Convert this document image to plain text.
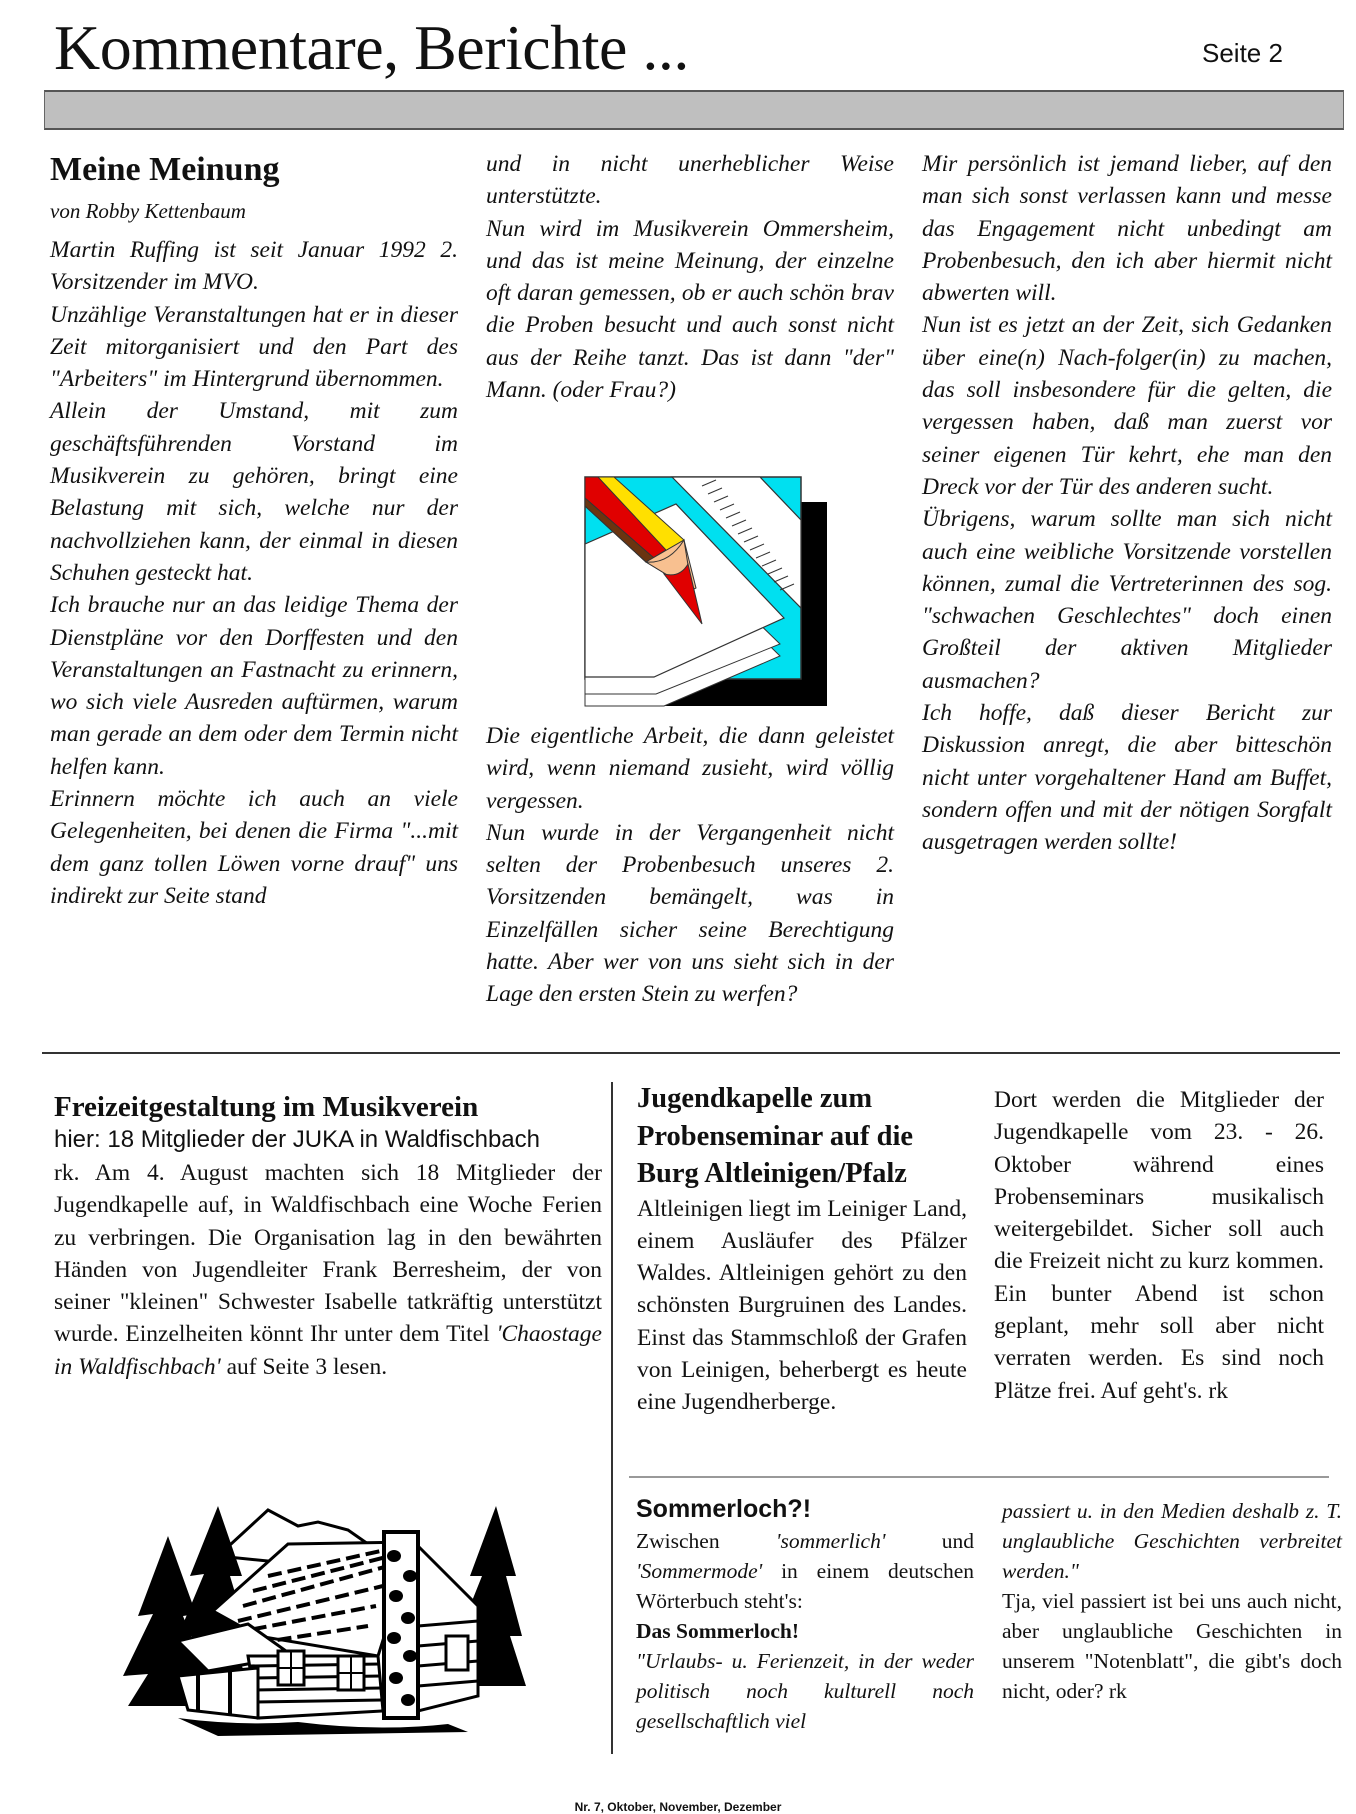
Kommentare, Berichte ...	Seite 2
Meine Meinung

von Robby Kettenbaum

Martin Ruffing ist seit Januar 1992 2. Vorsitzender im MVO.

Unzählige Veranstaltungen hat er in dieser Zeit mitorganisiert und den Part des "Arbeiters" im Hintergrund übernommen.

Allein der Umstand, mit zum geschäftsführenden Vorstand im Musikverein zu gehören, bringt eine Belastung mit sich, welche nur der nachvollziehen kann, der einmal in diesen Schuhen gesteckt hat.

Ich brauche nur an das leidige Thema der Dienstpläne vor den Dorffesten und den Veranstaltungen an Fastnacht zu erinnern, wo sich viele Ausreden auftürmen, warum man gerade an dem oder dem Termin nicht helfen kann.

Erinnern möchte ich auch an viele Gelegenheiten, bei denen die Firma "...mit dem ganz tollen Löwen vorne drauf" uns indirekt zur Seite stand

und in nicht unerheblicher Weise unterstützte.

Nun wird im Musikverein Ommersheim, und das ist meine Meinung, der einzelne oft daran gemessen, ob er auch schön brav die Proben besucht und auch sonst nicht aus der Reihe tanzt. Das ist dann "der" Mann. (oder Frau?)

Die eigentliche Arbeit, die dann geleistet wird, wenn niemand zusieht, wird völlig vergessen.

Nun wurde in der Vergangenheit nicht selten der Probenbesuch unseres 2. Vorsitzenden bemängelt, was in Einzelfällen sicher seine Berechtigung hatte. Aber wer von uns sieht sich in der Lage den ersten Stein zu werfen?

Mir persönlich ist jemand lieber, auf den man sich sonst verlassen kann und messe das Engagement nicht unbedingt am Probenbesuch, den ich aber hiermit nicht abwerten will.

Nun ist es jetzt an der Zeit, sich Gedanken über eine(n) Nach-folger(in) zu machen, das soll insbesondere für die gelten, die vergessen haben, daß man zuerst vor seiner eigenen Tür kehrt, ehe man den Dreck vor der Tür des anderen sucht.

Übrigens, warum sollte man sich nicht auch eine weibliche Vorsitzende vorstellen können, zumal die Vertreterinnen des sog. "schwachen Geschlechtes" doch einen Großteil der aktiven Mitglieder ausmachen?

Ich hoffe, daß dieser Bericht zur Diskussion anregt, die aber bitteschön nicht unter vorgehaltener Hand am Buffet, sondern offen und mit der nötigen Sorgfalt ausgetragen werden sollte!

Freizeitgestaltung im Musikverein

hier: 18 Mitglieder der JUKA in Waldfischbach

rk. Am 4. August machten sich 18 Mitglieder der Jugendkapelle auf, in Waldfischbach eine Woche Ferien zu verbringen. Die Organisation lag in den bewährten Händen von Jugendleiter Frank Berresheim, der von seiner "kleinen" Schwester Isabelle tatkräftig unterstützt wurde. Einzelheiten könnt Ihr unter dem Titel 'Chaostage in Waldfischbach' auf Seite 3 lesen.

Jugendkapelle zum Probenseminar auf die Burg Altleinigen/Pfalz

Altleinigen liegt im Leiniger Land, einem Ausläufer des Pfälzer Waldes. Altleinigen gehört zu den schönsten Burgruinen des Landes. Einst das Stammschloß der Grafen von Leinigen, beherbergt es heute eine Jugendherberge.

Dort werden die Mitglieder der Jugendkapelle vom 23. - 26. Oktober während eines Probenseminars musikalisch weitergebildet. Sicher soll auch die Freizeit nicht zu kurz kommen. Ein bunter Abend ist schon geplant, mehr soll aber nicht verraten werden. Es sind noch Plätze frei. Auf geht's. rk

Sommerloch?!

Zwischen 'sommerlich' und 'Sommermode' in einem deutschen Wörterbuch steht's:

Das Sommerloch!

"Urlaubs- u. Ferienzeit, in der weder politisch noch kulturell noch gesellschaftlich viel

passiert u. in den Medien deshalb z. T. unglaubliche Geschichten verbreitet werden."

Tja, viel passiert ist bei uns auch nicht, aber unglaubliche Geschichten in unserem "Notenblatt", die gibt's doch nicht, oder? rk

Nr. 7, Oktober, November, Dezember
